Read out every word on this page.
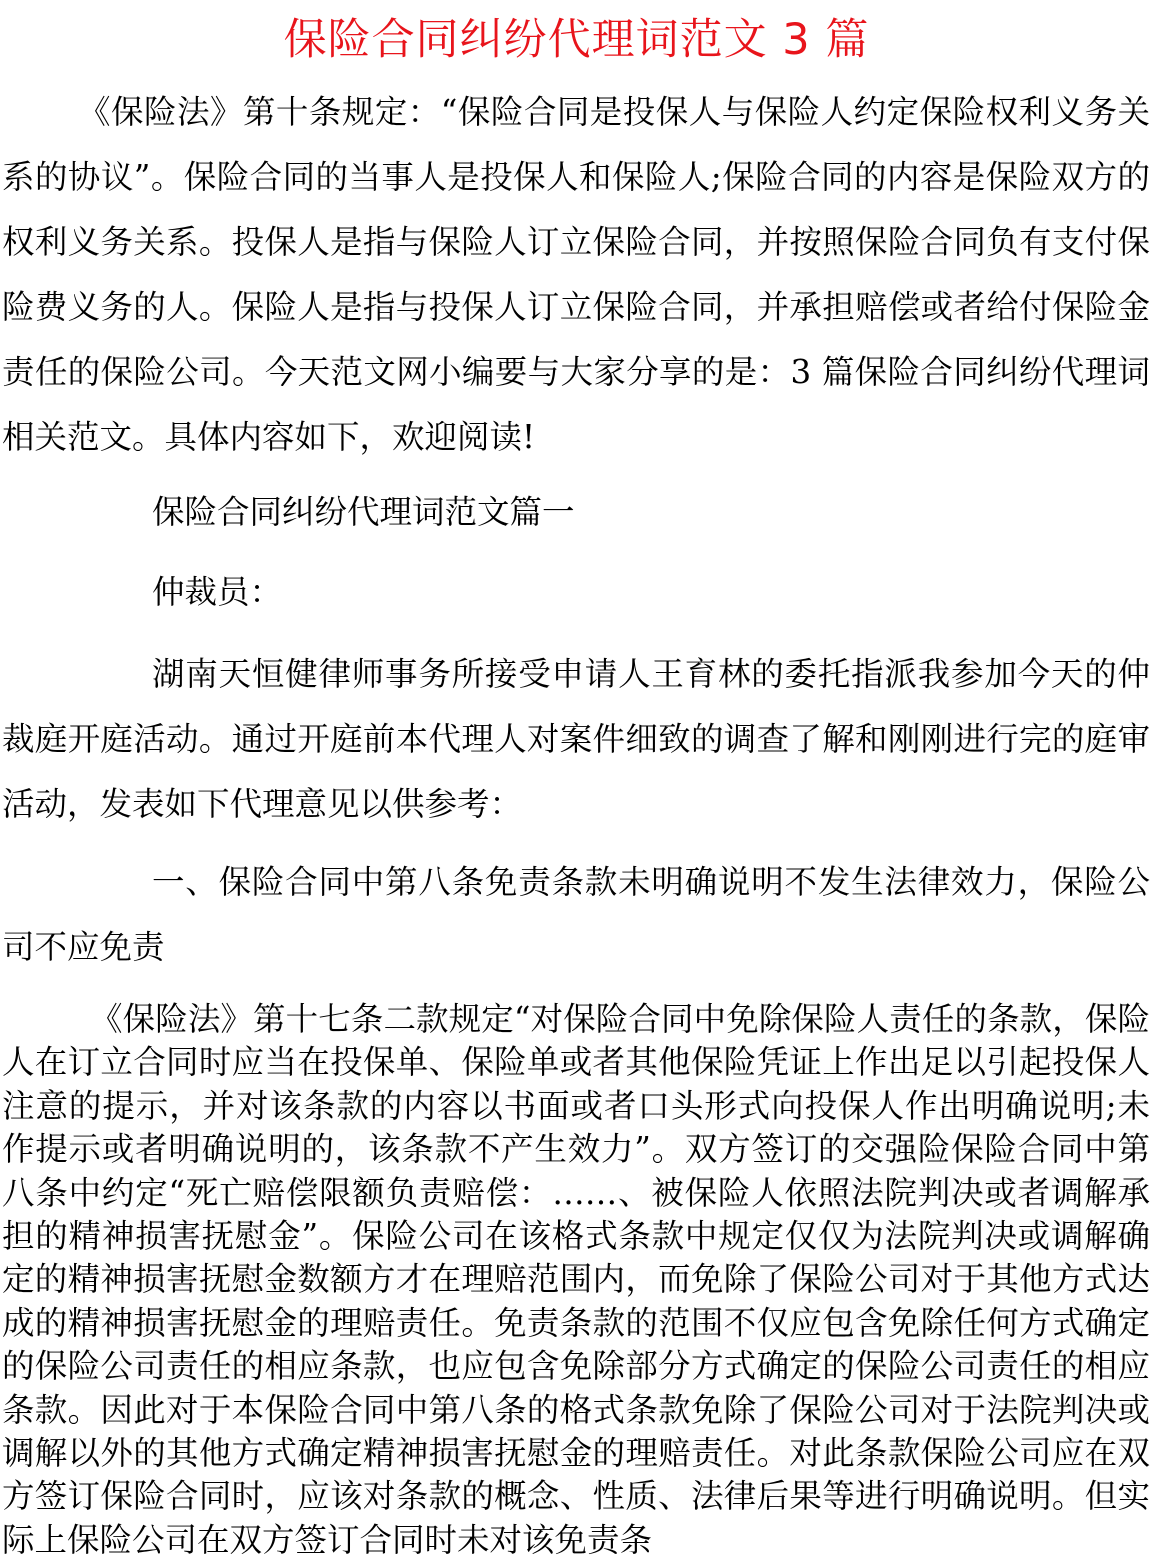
保险合同纠纷代理词范文 3 篇

《保险法》第十条规定：“保险合同是投保人与保险人约定保险权利义务关系的协议”。保险合同的当事人是投保人和保险人;保险合同的内容是保险双方的权利义务关系。投保人是指与保险人订立保险合同，并按照保险合同负有支付保险费义务的人。保险人是指与投保人订立保险合同，并承担赔偿或者给付保险金责任的保险公司。今天范文网小编要与大家分享的是：3 篇保险合同纠纷代理词相关范文。具体内容如下，欢迎阅读!

保险合同纠纷代理词范文篇一

仲裁员：

湖南天恒健律师事务所接受申请人王育林的委托指派我参加今天的仲裁庭开庭活动。通过开庭前本代理人对案件细致的调查了解和刚刚进行完的庭审活动，发表如下代理意见以供参考：

一、保险合同中第八条免责条款未明确说明不发生法律效力，保险公司不应免责

《保险法》第十七条二款规定“对保险合同中免除保险人责任的条款，保险人在订立合同时应当在投保单、保险单或者其他保险凭证上作出足以引起投保人注意的提示，并对该条款的内容以书面或者口头形式向投保人作出明确说明;未作提示或者明确说明的，该条款不产生效力”。双方签订的交强险保险合同中第八条中约定“死亡赔偿限额负责赔偿：……、被保险人依照法院判决或者调解承担的精神损害抚慰金”。保险公司在该格式条款中规定仅仅为法院判决或调解确定的精神损害抚慰金数额方才在理赔范围内，而免除了保险公司对于其他方式达成的精神损害抚慰金的理赔责任。免责条款的范围不仅应包含免除任何方式确定的保险公司责任的相应条款，也应包含免除部分方式确定的保险公司责任的相应条款。因此对于本保险合同中第八条的格式条款免除了保险公司对于法院判决或调解以外的其他方式确定精神损害抚慰金的理赔责任。对此条款保险公司应在双方签订保险合同时，应该对条款的概念、性质、法律后果等进行明确说明。但实际上保险公司在双方签订合同时未对该免责条
